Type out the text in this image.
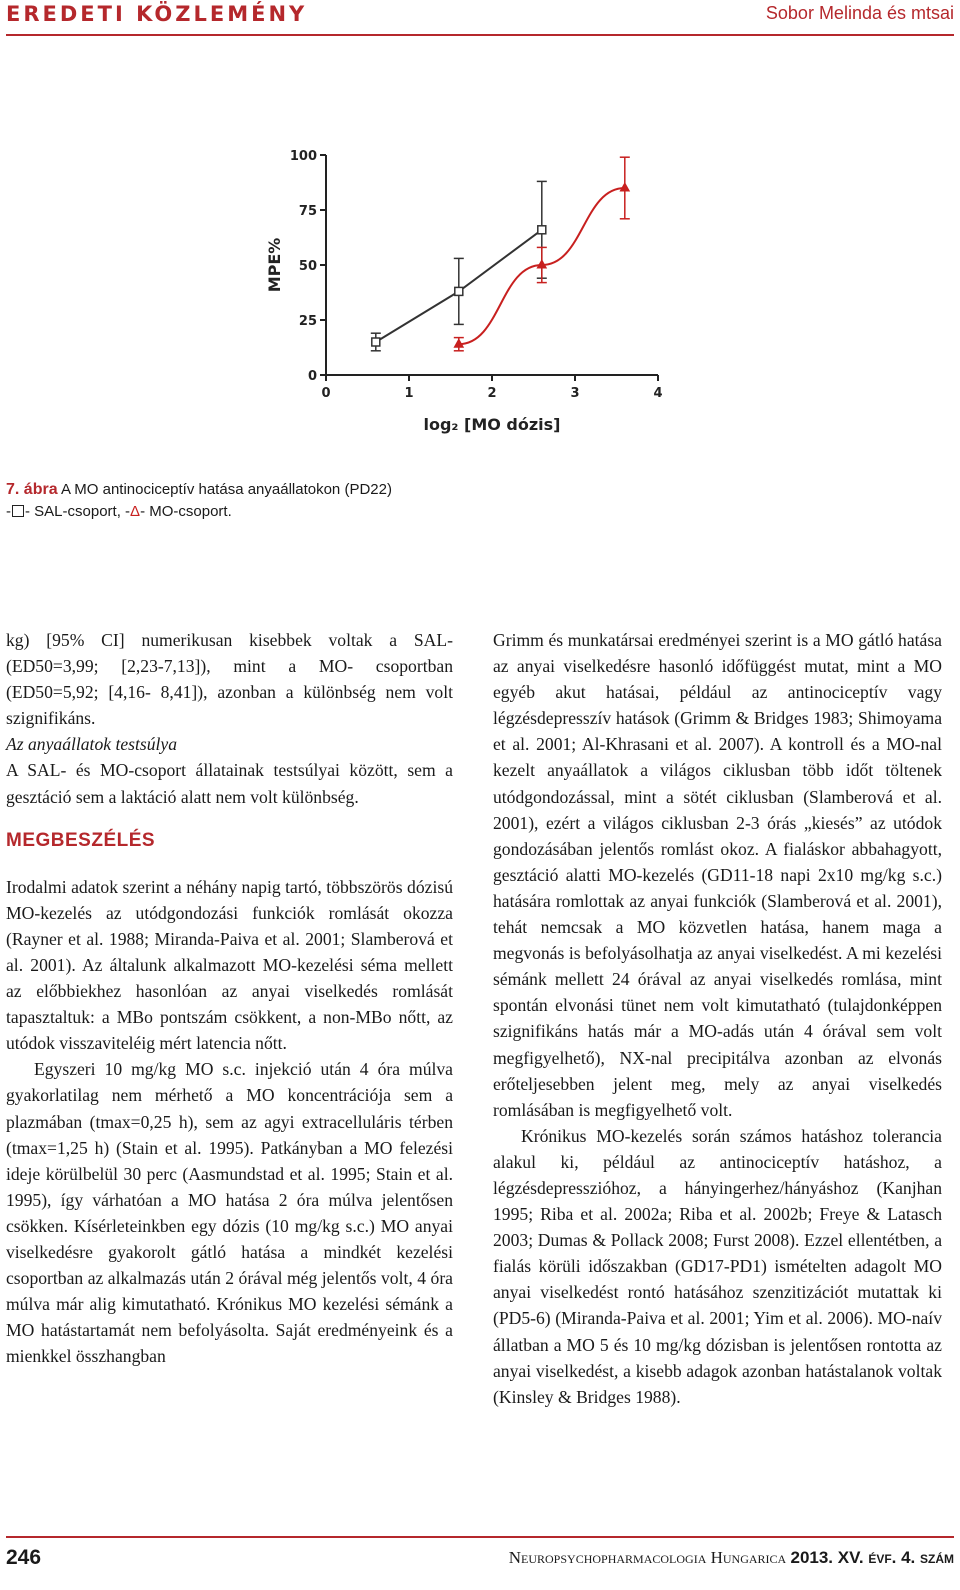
EREDETI KÖZLEMÉNY	Sobor Melinda és mtsai
0
25
50
75
100
0	1	2	3	4
MPE%
log₂ [MO dózis]
7. ábra A MO antinociceptív hatása anyaállatokon (PD22)
- - SAL-csoport, -Δ- MO-csoport.

kg) [95% CI] numerikusan kisebbek voltak a SAL- (ED50=3,99; [2,23-7,13]), mint a MO- csoportban (ED50=5,92; [4,16- 8,41]), azonban a különbség nem volt szignifikáns.

Az anyaállatok testsúlya

A SAL- és MO-csoport állatainak testsúlyai között, sem a gesztáció sem a laktáció alatt nem volt különbség.

MEGBESZÉLÉS

Irodalmi adatok szerint a néhány napig tartó, többszörös dózisú MO-kezelés az utódgondozási funkciók romlását okozza (Rayner et al. 1988; Miranda-Paiva et al. 2001; Slamberová et al. 2001). Az általunk alkalmazott MO-kezelési séma mellett az előbbiekhez hasonlóan az anyai viselkedés romlását tapasztaltuk: a MBo pontszám csökkent, a non-MBo nőtt, az utódok visszaviteléig mért latencia nőtt.

Egyszeri 10 mg/kg MO s.c. injekció után 4 óra múlva gyakorlatilag nem mérhető a MO koncentrációja sem a plazmában (tmax=0,25 h), sem az agyi extracelluláris térben (tmax=1,25 h) (Stain et al. 1995). Patkányban a MO felezési ideje körülbelül 30 perc (Aasmundstad et al. 1995; Stain et al. 1995), így várhatóan a MO hatása 2 óra múlva jelentősen csökken. Kísérleteinkben egy dózis (10 mg/kg s.c.) MO anyai viselkedésre gyakorolt gátló hatása a mindkét kezelési csoportban az alkalmazás után 2 órával még jelentős volt, 4 óra múlva már alig kimutatható. Krónikus MO kezelési sémánk a MO hatástartamát nem befolyásolta. Saját eredményeink és a mienkkel összhangban

Grimm és munkatársai eredményei szerint is a MO gátló hatása az anyai viselkedésre hasonló időfüggést mutat, mint a MO egyéb akut hatásai, például az antinociceptív vagy légzésdepresszív hatások (Grimm & Bridges 1983; Shimoyama et al. 2001; Al-Khrasani et al. 2007). A kontroll és a MO-nal kezelt anyaállatok a világos ciklusban több időt töltenek utódgondozással, mint a sötét ciklusban (Slamberová et al. 2001), ezért a világos ciklusban 2-3 órás „kiesés” az utódok gondozásában jelentős romlást okoz. A fialáskor abbahagyott, gesztáció alatti MO-kezelés (GD11-18 napi 2x10 mg/kg s.c.) hatására romlottak az anyai funkciók (Slamberová et al. 2001), tehát nemcsak a MO közvetlen hatása, hanem maga a megvonás is befolyásolhatja az anyai viselkedést. A mi kezelési sémánk mellett 24 órával az anyai viselkedés romlása, mint spontán elvonási tünet nem volt kimutatható (tulajdonképpen szignifikáns hatás már a MO-adás után 4 órával sem volt megfigyelhető), NX-nal precipitálva azonban az elvonás erőteljesebben jelent meg, mely az anyai viselkedés romlásában is megfigyelhető volt.

Krónikus MO-kezelés során számos hatáshoz tolerancia alakul ki, például az antinociceptív hatáshoz, a légzésdepresszióhoz, a hányingerhez/hányáshoz (Kanjhan 1995; Riba et al. 2002a; Riba et al. 2002b; Freye & Latasch 2003; Dumas & Pollack 2008; Furst 2008). Ezzel ellentétben, a fialás körüli időszakban (GD17-PD1) ismételten adagolt MO anyai viselkedést rontó hatásához szenzitizációt mutattak ki (PD5-6) (Miranda-Paiva et al. 2001; Yim et al. 2006). MO-naív állatban a MO 5 és 10 mg/kg dózisban is jelentősen rontotta az anyai viselkedést, a kisebb adagok azonban hatástalanok voltak (Kinsley & Bridges 1988).

246	Neuropsychopharmacologia Hungarica 2013. XV. évf. 4. szám
